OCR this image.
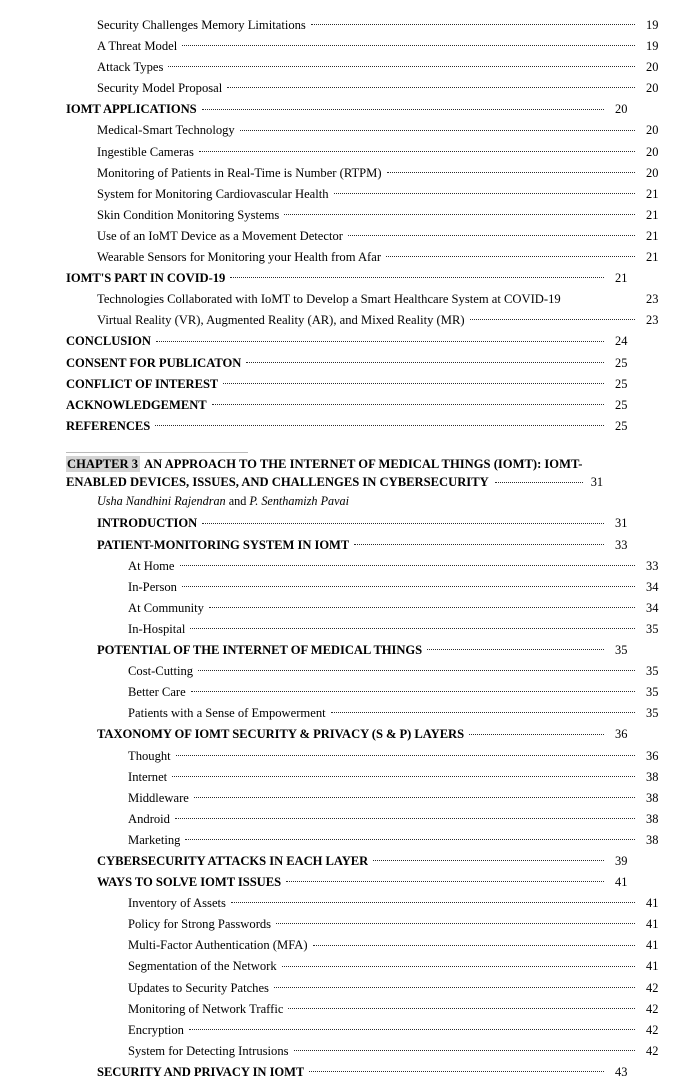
Security Challenges Memory Limitations	19
A Threat Model	19
Attack Types	20
Security Model Proposal	20
IOMT APPLICATIONS	20
Medical-Smart Technology	20
Ingestible Cameras	20
Monitoring of Patients in Real-Time is Number (RTPM)	20
System for Monitoring Cardiovascular Health	21
Skin Condition Monitoring Systems	21
Use of an IoMT Device as a Movement Detector	21
Wearable Sensors for Monitoring your Health from Afar	21
IOMT'S PART IN COVID-19	21
Technologies Collaborated with IoMT to Develop a Smart Healthcare System at COVID-19	23
Virtual Reality (VR), Augmented Reality (AR), and Mixed Reality (MR)	23
CONCLUSION	24
CONSENT FOR PUBLICATON	25
CONFLICT OF INTEREST	25
ACKNOWLEDGEMENT	25
REFERENCES	25
CHAPTER 3 AN APPROACH TO THE INTERNET OF MEDICAL THINGS (IOMT): IOMT-
ENABLED DEVICES, ISSUES, AND CHALLENGES IN CYBERSECURITY	31
Usha Nandhini Rajendran and P. Senthamizh Pavai
INTRODUCTION	31
PATIENT-MONITORING SYSTEM IN IOMT	33
At Home	33
In-Person	34
At Community	34
In-Hospital	35
POTENTIAL OF THE INTERNET OF MEDICAL THINGS	35
Cost-Cutting	35
Better Care	35
Patients with a Sense of Empowerment	35
TAXONOMY OF IOMT SECURITY & PRIVACY (S & P) LAYERS	36
Thought	36
Internet	38
Middleware	38
Android	38
Marketing	38
CYBERSECURITY ATTACKS IN EACH LAYER	39
WAYS TO SOLVE IOMT ISSUES	41
Inventory of Assets	41
Policy for Strong Passwords	41
Multi-Factor Authentication (MFA)	41
Segmentation of the Network	41
Updates to Security Patches	42
Monitoring of Network Traffic	42
Encryption	42
System for Detecting Intrusions	42
SECURITY AND PRIVACY IN IOMT	43
